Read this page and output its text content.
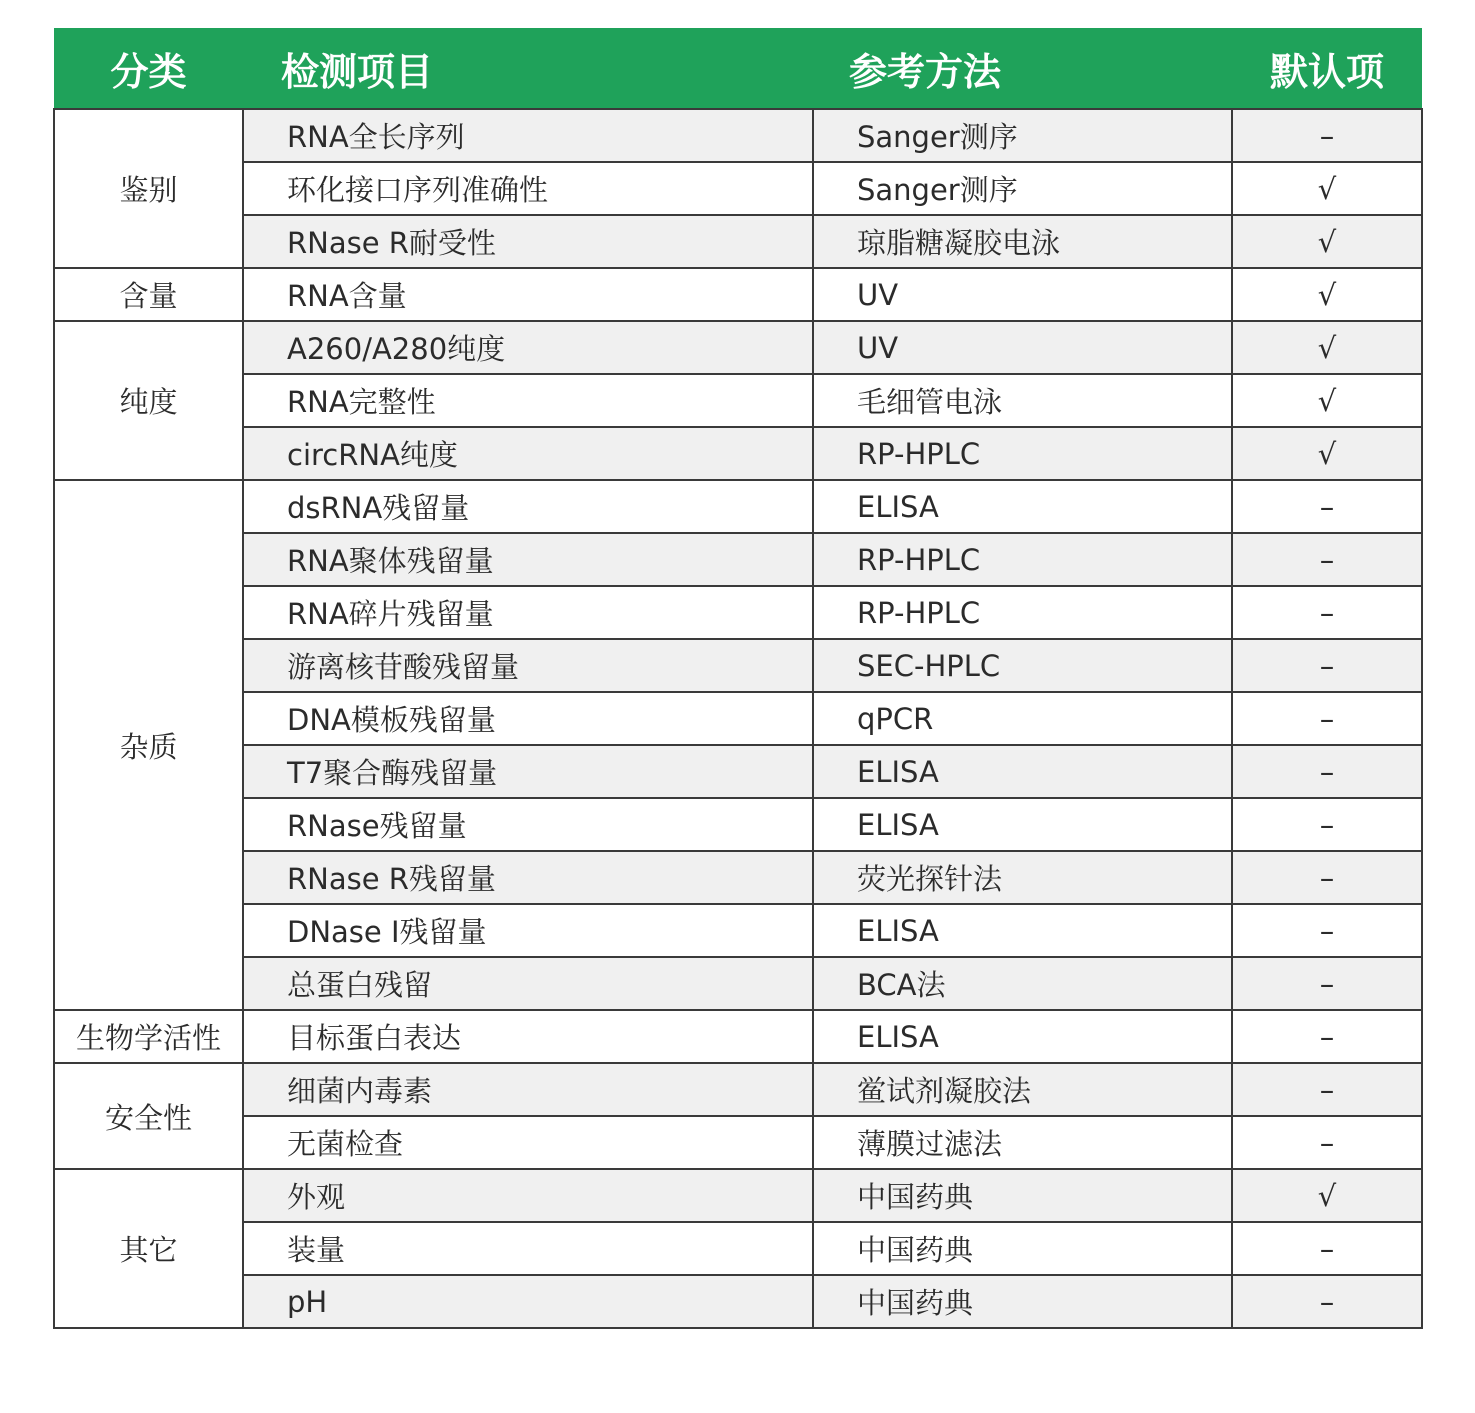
分类	检测项目	参考方法	默认项
鉴别	RNA全长序列	Sanger测序	–
	环化接口序列准确性	Sanger测序	√
	RNase R耐受性	琼脂糖凝胶电泳	√
含量	RNA含量	UV	√
纯度	A260/A280纯度	UV	√
	RNA完整性	毛细管电泳	√
	circRNA纯度	RP-HPLC	√
杂质	dsRNA残留量	ELISA	–
	RNA聚体残留量	RP-HPLC	–
	RNA碎片残留量	RP-HPLC	–
	游离核苷酸残留量	SEC-HPLC	–
	DNA模板残留量	qPCR	–
	T7聚合酶残留量	ELISA	–
	RNase残留量	ELISA	–
	RNase R残留量	荧光探针法	–
	DNase I残留量	ELISA	–
	总蛋白残留	BCA法	–
生物学活性	目标蛋白表达	ELISA	–
安全性	细菌内毒素	鲎试剂凝胶法	–
	无菌检查	薄膜过滤法	–
其它	外观	中国药典	√
	装量	中国药典	–
	pH	中国药典	–
